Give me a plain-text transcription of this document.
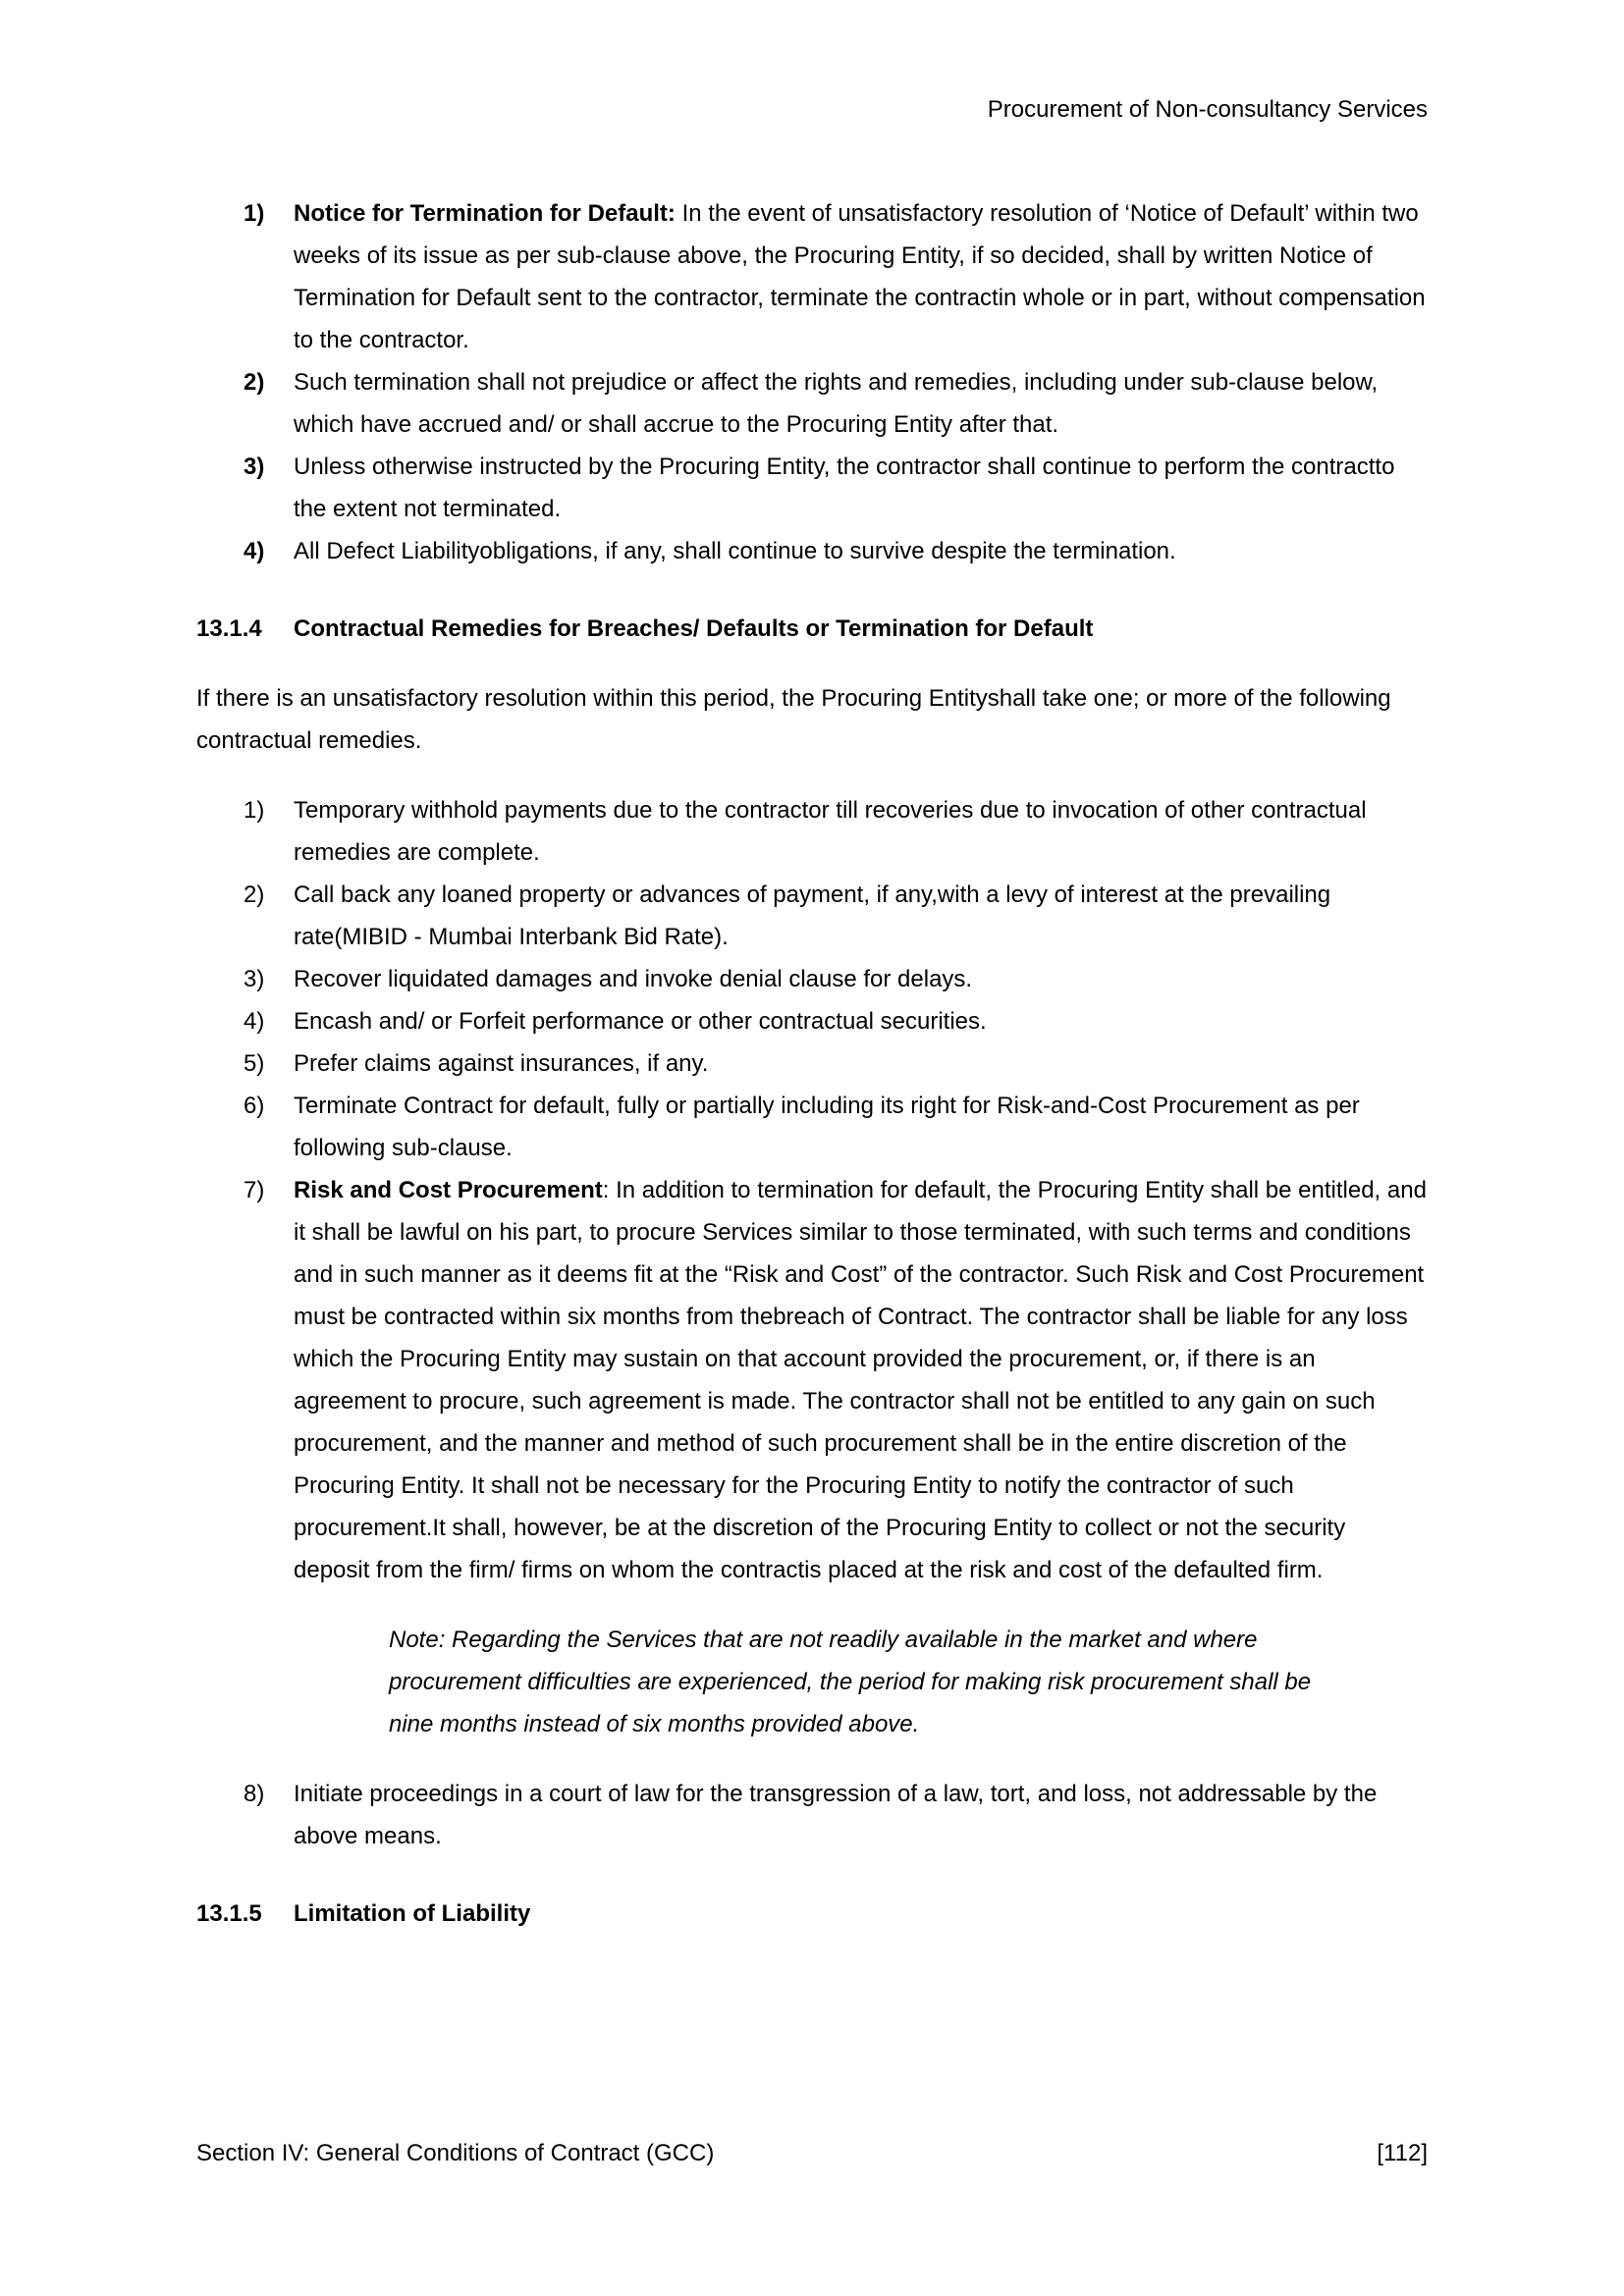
Procurement of Non-consultancy Services
1)	Notice for Termination for Default: In the event of unsatisfactory resolution of ‘Notice of Default’ within two weeks of its issue as per sub-clause above, the Procuring Entity, if so decided, shall by written Notice of Termination for Default sent to the contractor, terminate the contractin whole or in part, without compensation to the contractor.
2)	Such termination shall not prejudice or affect the rights and remedies, including under sub-clause below, which have accrued and/ or shall accrue to the Procuring Entity after that.
3)	Unless otherwise instructed by the Procuring Entity, the contractor shall continue to perform the contractto the extent not terminated.
4)	All Defect Liabilityobligations, if any, shall continue to survive despite the termination.
13.1.4	Contractual Remedies for Breaches/ Defaults or Termination for Default
If there is an unsatisfactory resolution within this period, the Procuring Entityshall take one; or more of the following contractual remedies.
1)	Temporary withhold payments due to the contractor till recoveries due to invocation of other contractual remedies are complete.
2)	Call back any loaned property or advances of payment, if any,with a levy of interest at the prevailing rate(MIBID - Mumbai Interbank Bid Rate).
3)	Recover liquidated damages and invoke denial clause for delays.
4)	Encash and/ or Forfeit performance or other contractual securities.
5)	Prefer claims against insurances, if any.
6)	Terminate Contract for default, fully or partially including its right for Risk-and-Cost Procurement as per following sub-clause.
7)	Risk and Cost Procurement: In addition to termination for default, the Procuring Entity shall be entitled, and it shall be lawful on his part, to procure Services similar to those terminated, with such terms and conditions and in such manner as it deems fit at the “Risk and Cost” of the contractor. Such Risk and Cost Procurement must be contracted within six months from thebreach of Contract. The contractor shall be liable for any loss which the Procuring Entity may sustain on that account provided the procurement, or, if there is an agreement to procure, such agreement is made. The contractor shall not be entitled to any gain on such procurement, and the manner and method of such procurement shall be in the entire discretion of the Procuring Entity. It shall not be necessary for the Procuring Entity to notify the contractor of such procurement.It shall, however, be at the discretion of the Procuring Entity to collect or not the security deposit from the firm/ firms on whom the contractis placed at the risk and cost of the defaulted firm.
Note: Regarding the Services that are not readily available in the market and where procurement difficulties are experienced, the period for making risk procurement shall be nine months instead of six months provided above.
8)	Initiate proceedings in a court of law for the transgression of a law, tort, and loss, not addressable by the above means.
13.1.5	Limitation of Liability
Section IV: General Conditions of Contract (GCC)	[112]
